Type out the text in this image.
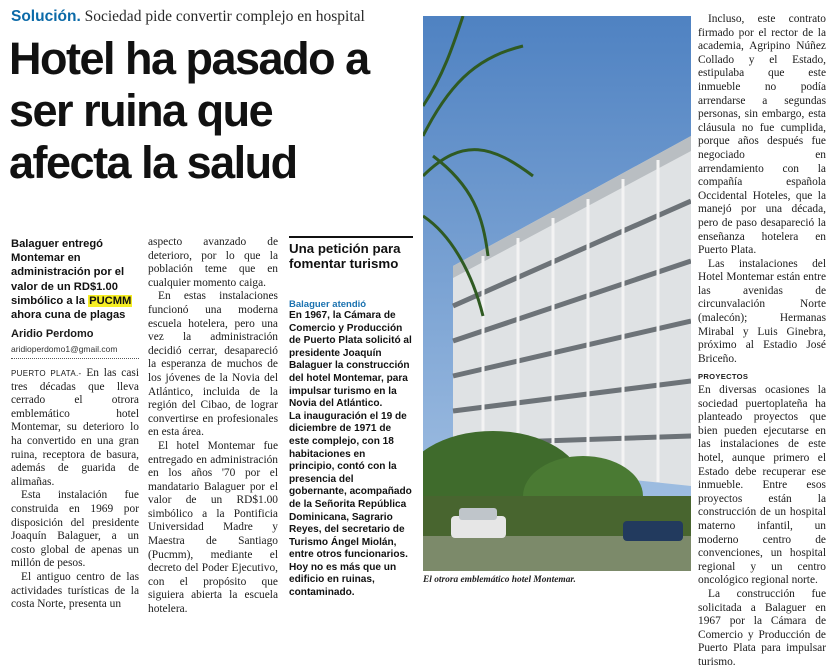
Solución. Sociedad pide convertir complejo en hospital
Hotel ha pasado a
ser ruina que
afecta la salud
Balaguer entregó Montemar en administración por el valor de un RD$1.00 simbólico a la PUCMM ahora cuna de plagas
Aridio Perdomo
aridioperdomo1@gmail.com

PUERTO PLATA.- En las casi tres décadas que lleva cerrado el otrora emblemático hotel Montemar, su deterioro lo ha convertido en una gran ruina, receptora de basura, además de guarida de alimañas.

Esta instalación fue construida en 1969 por disposición del presidente Joaquín Balaguer, a un costo global de apenas un millón de pesos.

El antiguo centro de las actividades turísticas de la costa Norte, presenta un

aspecto avanzado de deterioro, por lo que la población teme que en cualquier momento caiga.

En estas instalaciones funcionó una moderna escuela hotelera, pero una vez la administración decidió cerrar, desapareció la esperanza de muchos de los jóvenes de la Novia del Atlántico, incluida de la región del Cibao, de lograr convertirse en profesionales en esta área.

El hotel Montemar fue entregado en administración en los años '70 por el mandatario Balaguer por el valor de un RD$1.00 simbólico a la Pontificia Universidad Madre y Maestra de Santiago (Pucmm), mediante el decreto del Poder Ejecutivo, con el propósito que siguiera abierta la escuela hotelera.

Una petición para fomentar turismo
Balaguer atendió
En 1967, la Cámara de Comercio y Producción de Puerto Plata solicitó al presidente Joaquín Balaguer la construcción del hotel Montemar, para impulsar turismo en la Novia del Atlántico.
La inauguración el 19 de diciembre de 1971 de este complejo, con 18 habitaciones en principio, contó con la presencia del gobernante, acompañado de la Señorita República Dominicana, Sagrario Reyes, del secretario de Turismo Ángel Miolán, entre otros funcionarios.
Hoy no es más que un edificio en ruinas, contaminado.
El otrora emblemático hotel Montemar.

Incluso, este contrato firmado por el rector de la academia, Agripino Núñez Collado y el Estado, estipulaba que este inmueble no podía arrendarse a segundas personas, sin embargo, esta cláusula no fue cumplida, porque años después fue negociado en arrendamiento con la compañía española Occidental Hoteles, que la manejó por una década, pero de paso desapareció la enseñanza hotelera en Puerto Plata.

Las instalaciones del Hotel Montemar están entre las avenidas de circunvalación Norte (malecón); Hermanas Mirabal y Luis Ginebra, próximo al Estadio José Briceño.

PROYECTOS

En diversas ocasiones la sociedad puertoplateña ha planteado proyectos que bien pueden ejecutarse en las instalaciones de este hotel, aunque primero el Estado debe recuperar ese inmueble. Entre esos proyectos están la construcción de un hospital materno infantil, un moderno centro de convenciones, un hospital regional y un centro oncológico regional norte.

La construcción fue solicitada a Balaguer en 1967 por la Cámara de Comercio y Producción de Puerto Plata para impulsar turismo.
